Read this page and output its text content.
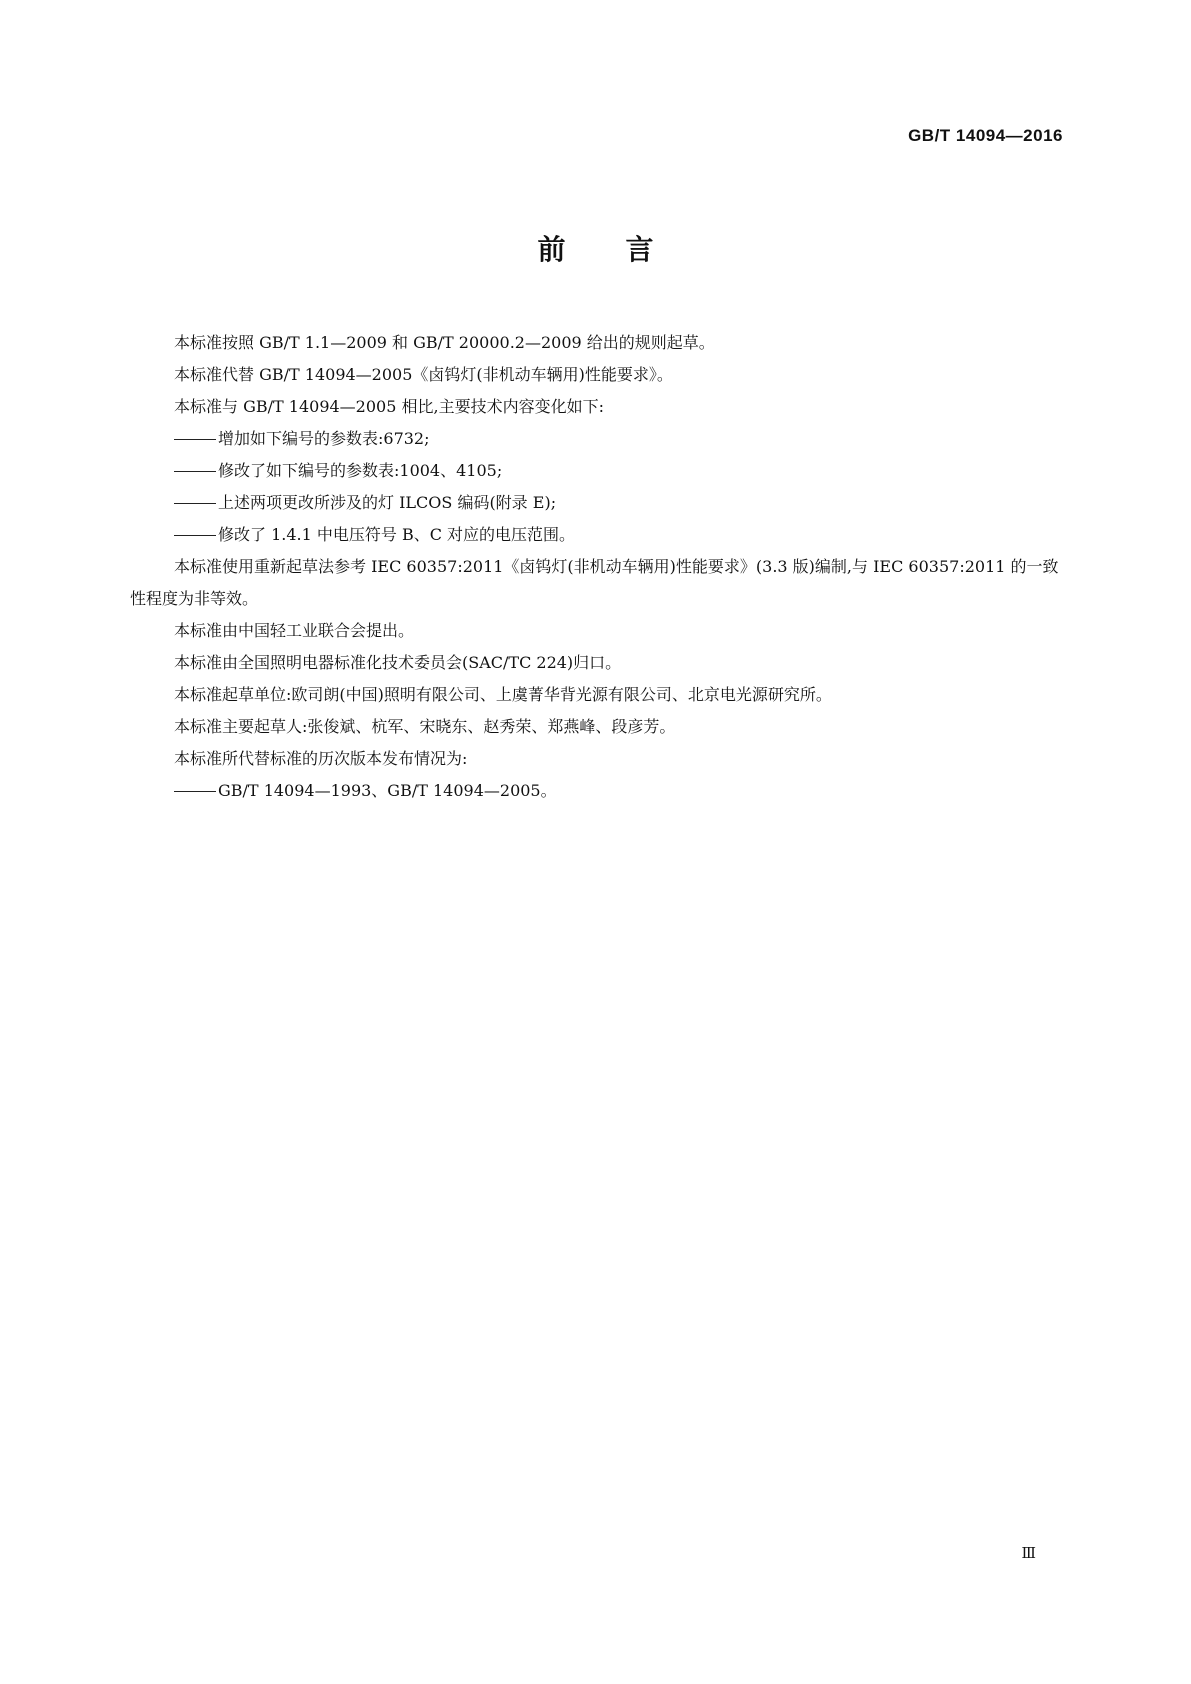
GB/T 14094—2016
前言

本标准按照 GB/T 1.1—2009 和 GB/T 20000.2—2009 给出的规则起草。

本标准代替 GB/T 14094—2005《卤钨灯(非机动车辆用)性能要求》。

本标准与 GB/T 14094—2005 相比,主要技术内容变化如下:

增加如下编号的参数表:6732;

修改了如下编号的参数表:1004、4105;

上述两项更改所涉及的灯 ILCOS 编码(附录 E);

修改了 1.4.1 中电压符号 B、C 对应的电压范围。

本标准使用重新起草法参考 IEC 60357:2011《卤钨灯(非机动车辆用)性能要求》(3.3 版)编制,与 IEC 60357:2011 的一致性程度为非等效。

本标准由中国轻工业联合会提出。

本标准由全国照明电器标准化技术委员会(SAC/TC 224)归口。

本标准起草单位:欧司朗(中国)照明有限公司、上虞菁华背光源有限公司、北京电光源研究所。

本标准主要起草人:张俊斌、杭军、宋晓东、赵秀荣、郑燕峰、段彦芳。

本标准所代替标准的历次版本发布情况为:

GB/T 14094—1993、GB/T 14094—2005。

Ⅲ
